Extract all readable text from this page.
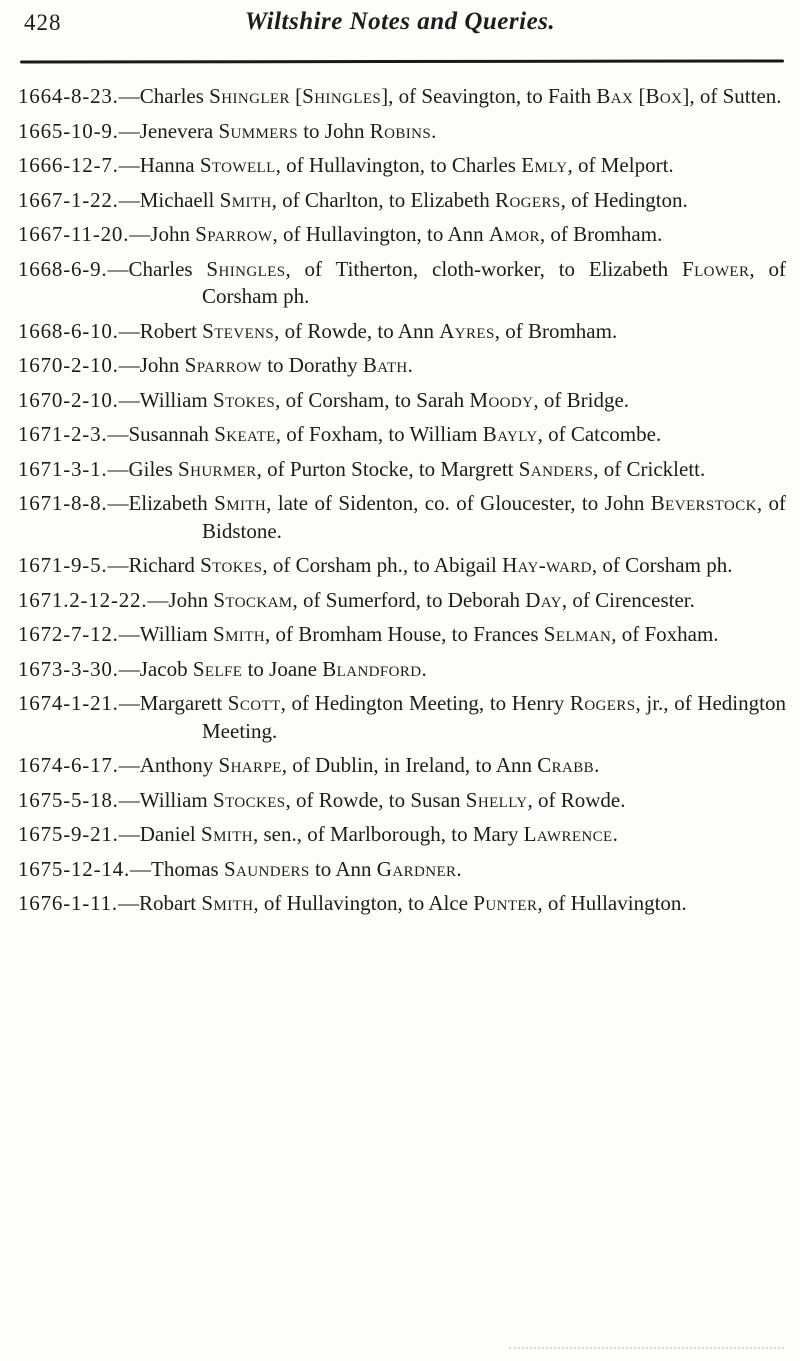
428	Wiltshire Notes and Queries.

1664-8-23.—Charles Shingler [Shingles], of Seavington, to Faith Bax [Box], of Sutten.

1665-10-9.—Jenevera Summers to John Robins.

1666-12-7.—Hanna Stowell, of Hullavington, to Charles Emly, of Melport.

1667-1-22.—Michaell Smith, of Charlton, to Elizabeth Rogers, of Hedington.

1667-11-20.—John Sparrow, of Hullavington, to Ann Amor, of Bromham.

1668-6-9.—Charles Shingles, of Titherton, cloth-worker, to Elizabeth Flower, of Corsham ph.

1668-6-10.—Robert Stevens, of Rowde, to Ann Ayres, of Bromham.

1670-2-10.—John Sparrow to Dorathy Bath.

1670-2-10.—William Stokes, of Corsham, to Sarah Moody, of Bridge.

1671-2-3.—Susannah Skeate, of Foxham, to William Bayly, of Catcombe.

1671-3-1.—Giles Shurmer, of Purton Stocke, to Margrett Sanders, of Cricklett.

1671-8-8.—Elizabeth Smith, late of Sidenton, co. of Gloucester, to John Beverstock, of Bidstone.

1671-9-5.—Richard Stokes, of Corsham ph., to Abigail Hay-ward, of Corsham ph.

1671.2-12-22.—John Stockam, of Sumerford, to Deborah Day, of Cirencester.

1672-7-12.—William Smith, of Bromham House, to Frances Selman, of Foxham.

1673-3-30.—Jacob Selfe to Joane Blandford.

1674-1-21.—Margarett Scott, of Hedington Meeting, to Henry Rogers, jr., of Hedington Meeting.

1674-6-17.—Anthony Sharpe, of Dublin, in Ireland, to Ann Crabb.

1675-5-18.—William Stockes, of Rowde, to Susan Shelly, of Rowde.

1675-9-21.—Daniel Smith, sen., of Marlborough, to Mary Lawrence.

1675-12-14.—Thomas Saunders to Ann Gardner.

1676-1-11.—Robart Smith, of Hullavington, to Alce Punter, of Hullavington.
